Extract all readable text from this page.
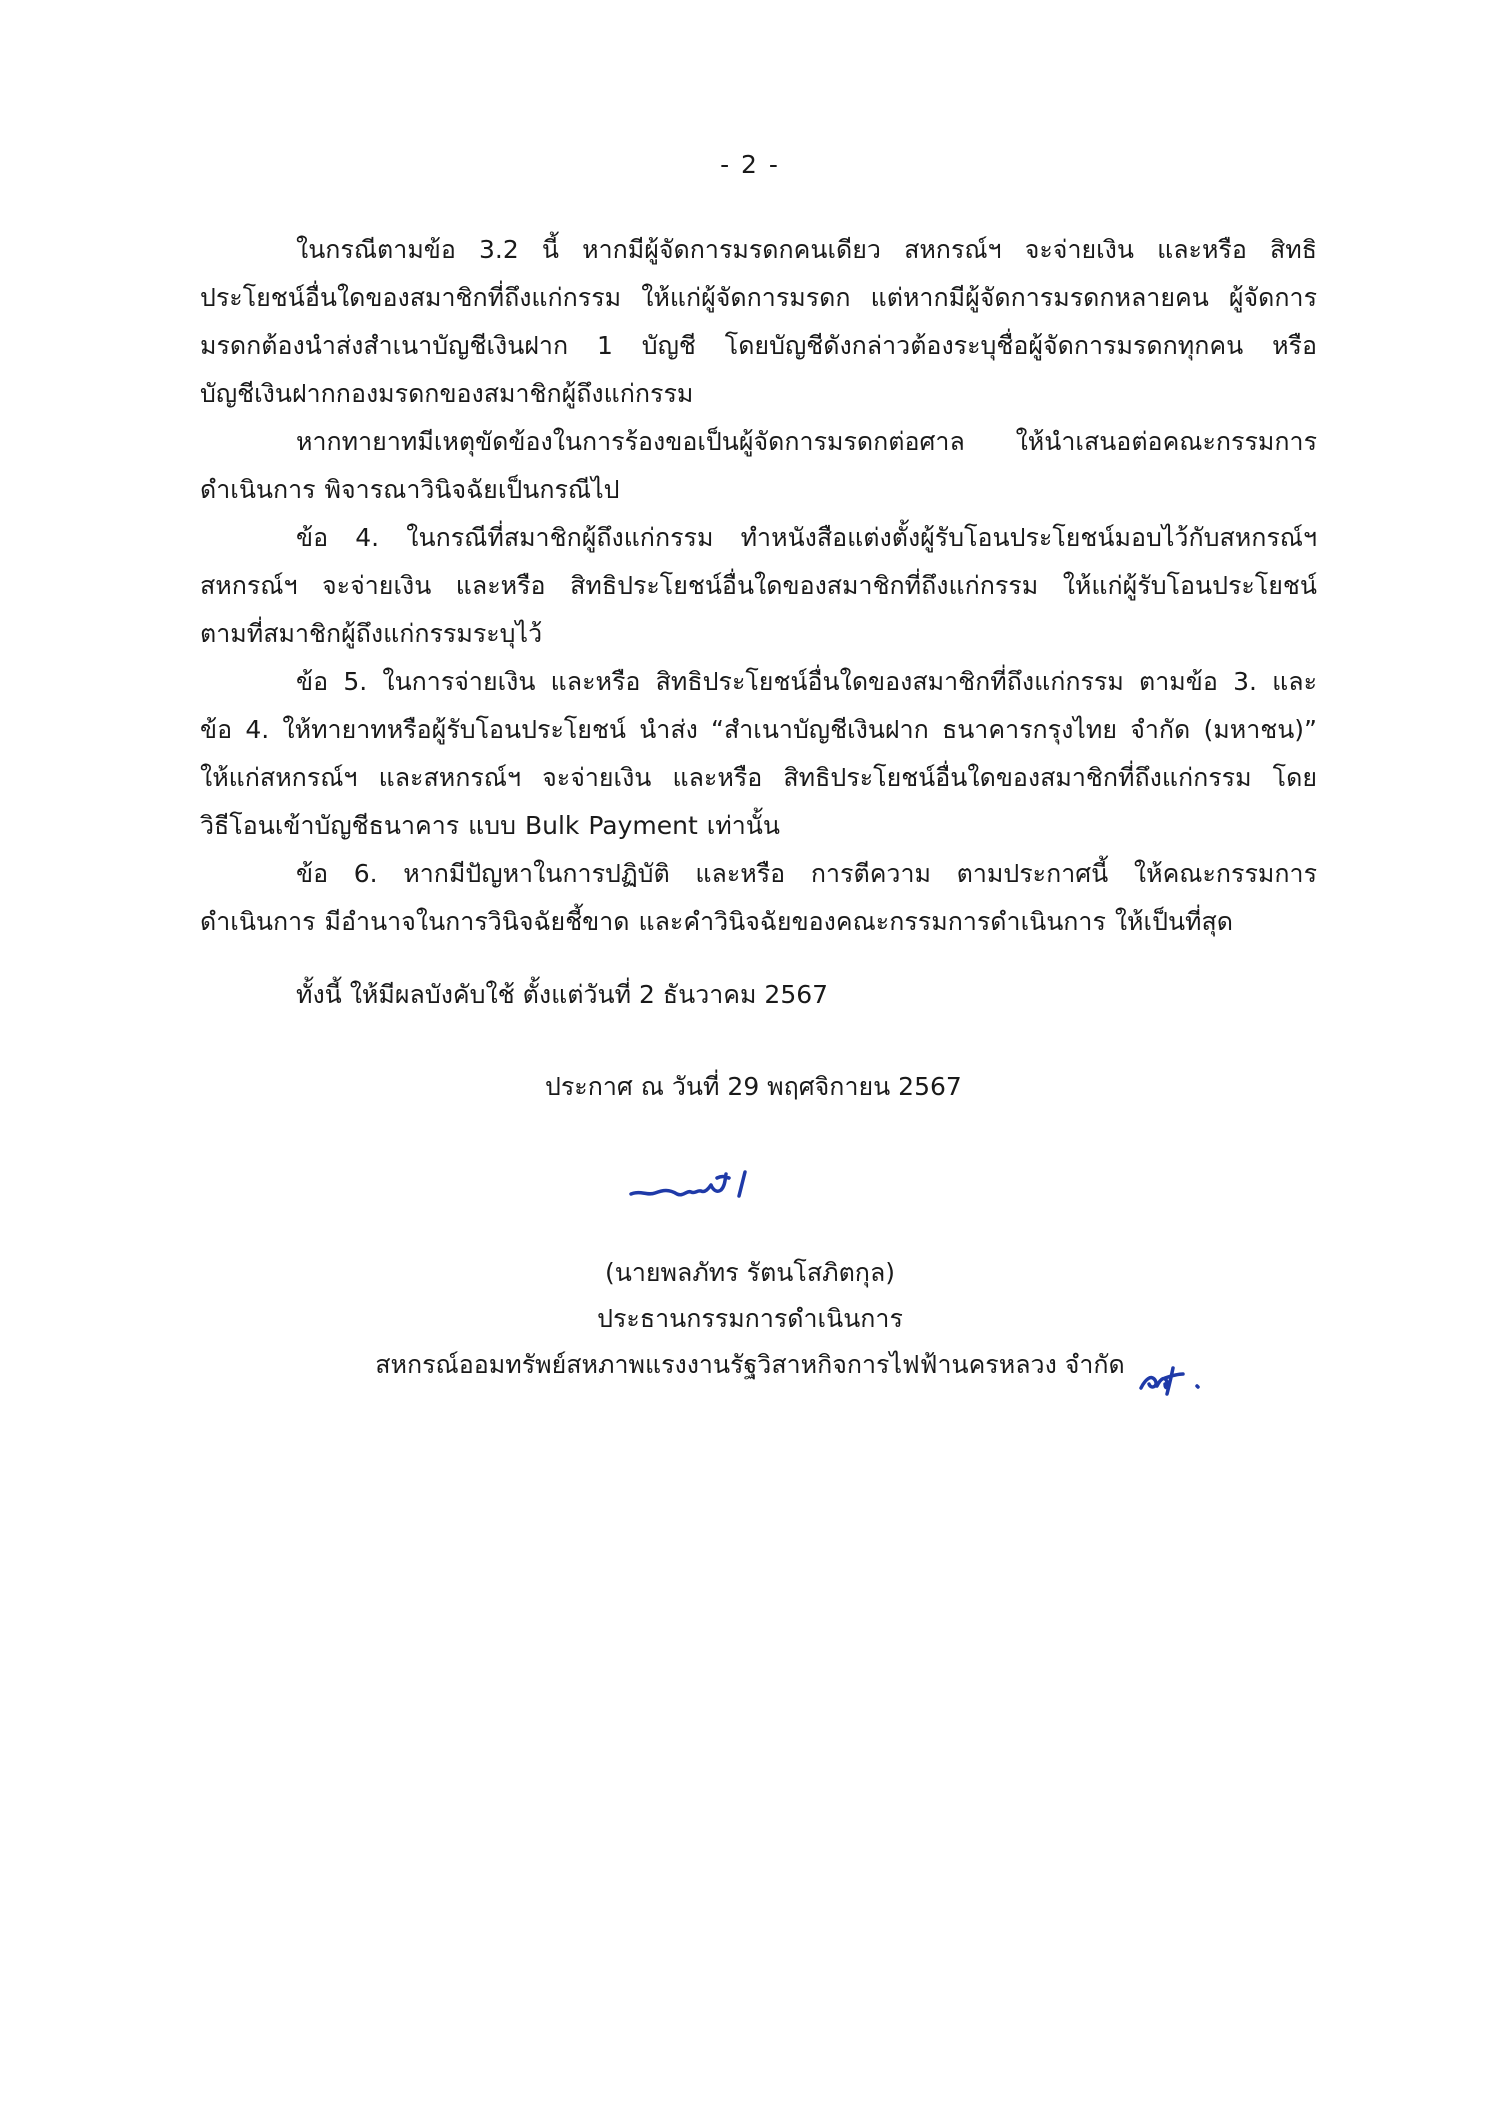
- 2 -
ในกรณีตามข้อ 3.2 นี้ หากมีผู้จัดการมรดกคนเดียว สหกรณ์ฯ จะจ่ายเงิน และหรือ สิทธิ
ประโยชน์อื่นใดของสมาชิกที่ถึงแก่กรรม ให้แก่ผู้จัดการมรดก แต่หากมีผู้จัดการมรดกหลายคน ผู้จัดการ
มรดกต้องนำส่งสำเนาบัญชีเงินฝาก 1 บัญชี โดยบัญชีดังกล่าวต้องระบุชื่อผู้จัดการมรดกทุกคน หรือ
บัญชีเงินฝากกองมรดกของสมาชิกผู้ถึงแก่กรรม
หากทายาทมีเหตุขัดข้องในการร้องขอเป็นผู้จัดการมรดกต่อศาล ให้นำเสนอต่อคณะกรรมการ
ดำเนินการ พิจารณาวินิจฉัยเป็นกรณีไป
ข้อ 4. ในกรณีที่สมาชิกผู้ถึงแก่กรรม ทำหนังสือแต่งตั้งผู้รับโอนประโยชน์มอบไว้กับสหกรณ์ฯ
สหกรณ์ฯ จะจ่ายเงิน และหรือ สิทธิประโยชน์อื่นใดของสมาชิกที่ถึงแก่กรรม ให้แก่ผู้รับโอนประโยชน์
ตามที่สมาชิกผู้ถึงแก่กรรมระบุไว้
ข้อ 5. ในการจ่ายเงิน และหรือ สิทธิประโยชน์อื่นใดของสมาชิกที่ถึงแก่กรรม ตามข้อ 3. และ
ข้อ 4. ให้ทายาทหรือผู้รับโอนประโยชน์ นำส่ง “สำเนาบัญชีเงินฝาก ธนาคารกรุงไทย จำกัด (มหาชน)”
ให้แก่สหกรณ์ฯ และสหกรณ์ฯ จะจ่ายเงิน และหรือ สิทธิประโยชน์อื่นใดของสมาชิกที่ถึงแก่กรรม โดย
วิธีโอนเข้าบัญชีธนาคาร แบบ Bulk Payment เท่านั้น
ข้อ 6. หากมีปัญหาในการปฏิบัติ และหรือ การตีความ ตามประกาศนี้ ให้คณะกรรมการ
ดำเนินการ มีอำนาจในการวินิจฉัยชี้ขาด และคำวินิจฉัยของคณะกรรมการดำเนินการ ให้เป็นที่สุด
ทั้งนี้ ให้มีผลบังคับใช้ ตั้งแต่วันที่ 2 ธันวาคม 2567
ประกาศ ณ วันที่ 29 พฤศจิกายน 2567
(นายพลภัทร รัตนโสภิตกุล)
ประธานกรรมการดำเนินการ
สหกรณ์ออมทรัพย์สหภาพแรงงานรัฐวิสาหกิจการไฟฟ้านครหลวง จำกัด
